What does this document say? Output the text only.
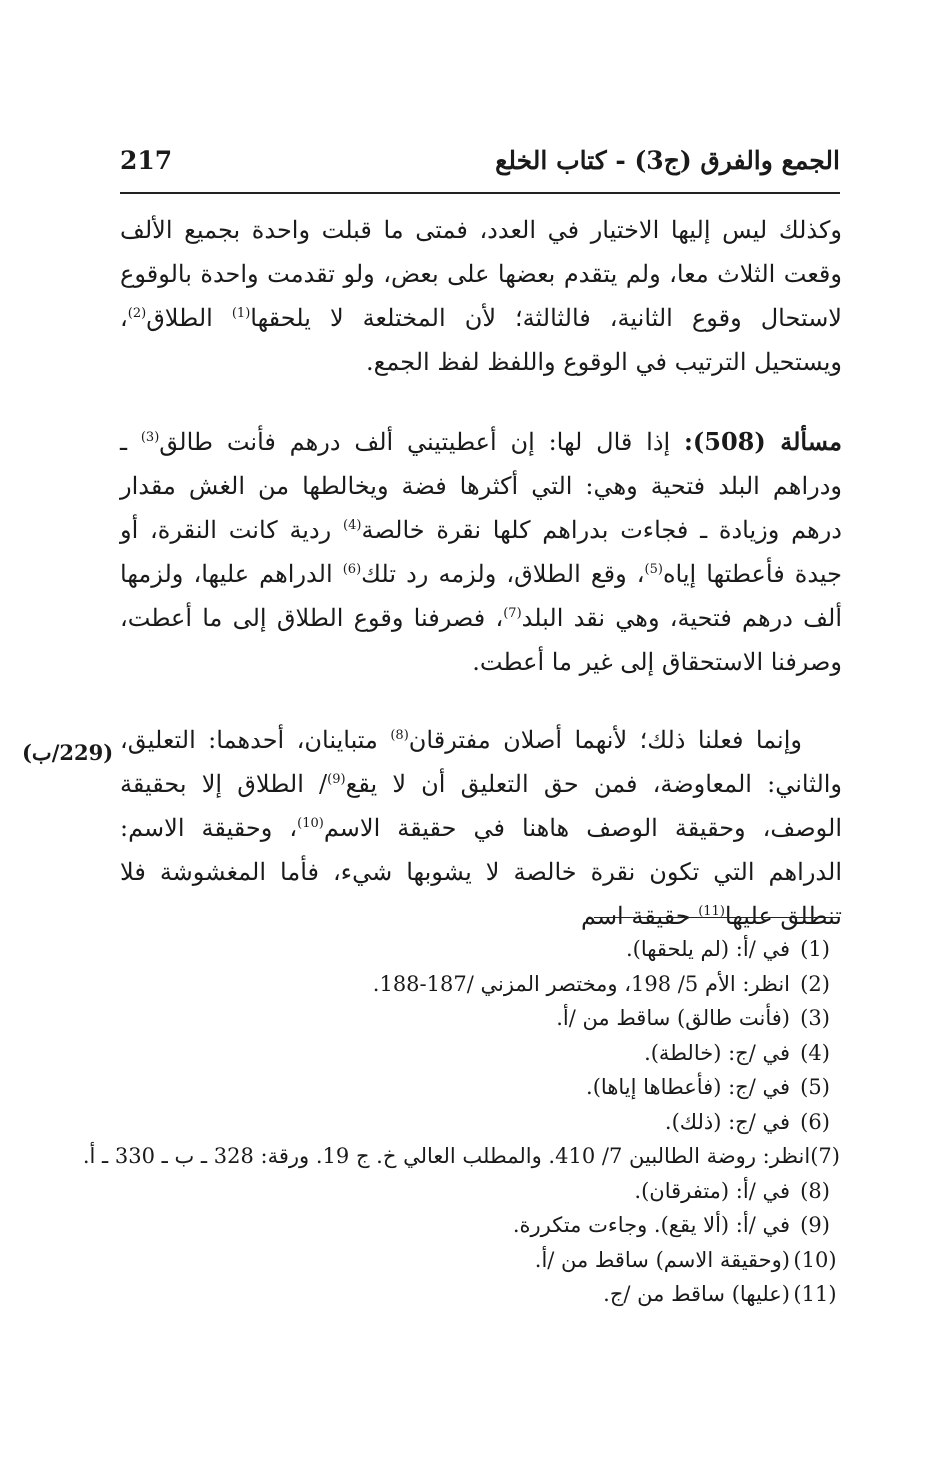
الجمع والفرق (ج3) - كتاب الخلع
217
وكذلك ليس إليها الاختيار في العدد، فمتى ما قبلت واحدة بجميع الألف وقعت الثلاث معا، ولم يتقدم بعضها على بعض، ولو تقدمت واحدة بالوقوع لاستحال وقوع الثانية، فالثالثة؛ لأن المختلعة لا يلحقها$^{(1)}$ الطلاق$^{(2)}$، ويستحيل الترتيب في الوقوع واللفظ لفظ الجمع.
مسألة (508): إذا قال لها: إن أعطيتيني ألف درهم فأنت طالق$^{(3)}$ ـ ودراهم البلد فتحية وهي: التي أكثرها فضة ويخالطها من الغش مقدار درهم وزيادة ـ فجاءت بدراهم كلها نقرة خالصة$^{(4)}$ ردية كانت النقرة، أو جيدة فأعطتها إياه$^{(5)}$، وقع الطلاق، ولزمه رد تلك$^{(6)}$ الدراهم عليها، ولزمها ألف درهم فتحية، وهي نقد البلد$^{(7)}$، فصرفنا وقوع الطلاق إلى ما أعطت، وصرفنا الاستحقاق إلى غير ما أعطت.
وإنما فعلنا ذلك؛ لأنهما أصلان مفترقان$^{(8)}$ متباينان، أحدهما: التعليق، والثاني: المعاوضة، فمن حق التعليق أن لا يقع$^{(9)}$/ الطلاق إلا بحقيقة الوصف، وحقيقة الوصف هاهنا في حقيقة الاسم$^{(10)}$، وحقيقة الاسم: الدراهم التي تكون نقرة خالصة لا يشوبها شيء، فأما المغشوشة فلا تنطلق عليها$^{(11)}$ حقيقة اسم
(229/ب)
(1)
في /أ: (لم يلحقها).
(2)
انظر: الأم 5/ 198، ومختصر المزني /187-188.
(3)
(فأنت طالق) ساقط من /أ.
(4)
في /ج: (خالطة).
(5)
في /ج: (فأعطاها إياها).
(6)
في /ج: (ذلك).
(7)
انظر: روضة الطالبين 7/ 410. والمطلب العالي خ. ج 19. ورقة: 328 ـ ب ـ 330 ـ أ.
(8)
في /أ: (متفرقان).
(9)
في /أ: (ألا يقع). وجاءت متكررة.
(10)
(وحقيقة الاسم) ساقط من /أ.
(11)
(عليها) ساقط من /ج.
